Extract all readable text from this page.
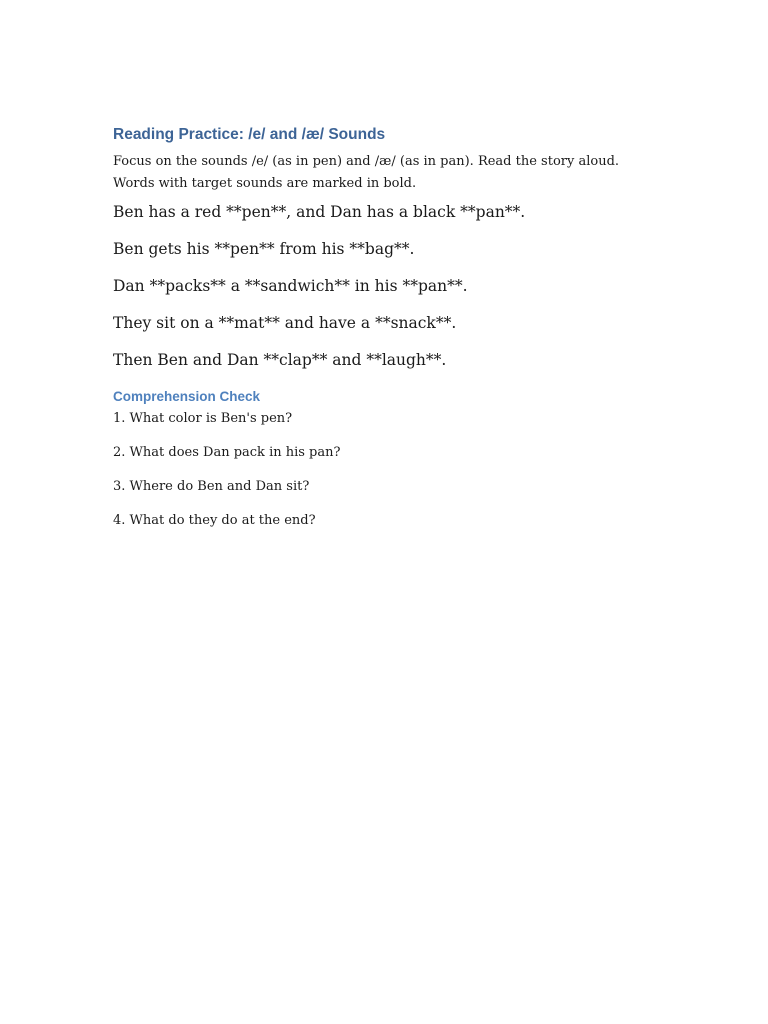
Reading Practice: /e/ and /æ/ Sounds

Focus on the sounds /e/ (as in pen) and /æ/ (as in pan). Read the story aloud.

Words with target sounds are marked in bold.

Ben has a red **pen**, and Dan has a black **pan**.

Ben gets his **pen** from his **bag**.

Dan **packs** a **sandwich** in his **pan**.

They sit on a **mat** and have a **snack**.

Then Ben and Dan **clap** and **laugh**.

Comprehension Check

1. What color is Ben's pen?

2. What does Dan pack in his pan?

3. Where do Ben and Dan sit?

4. What do they do at the end?
